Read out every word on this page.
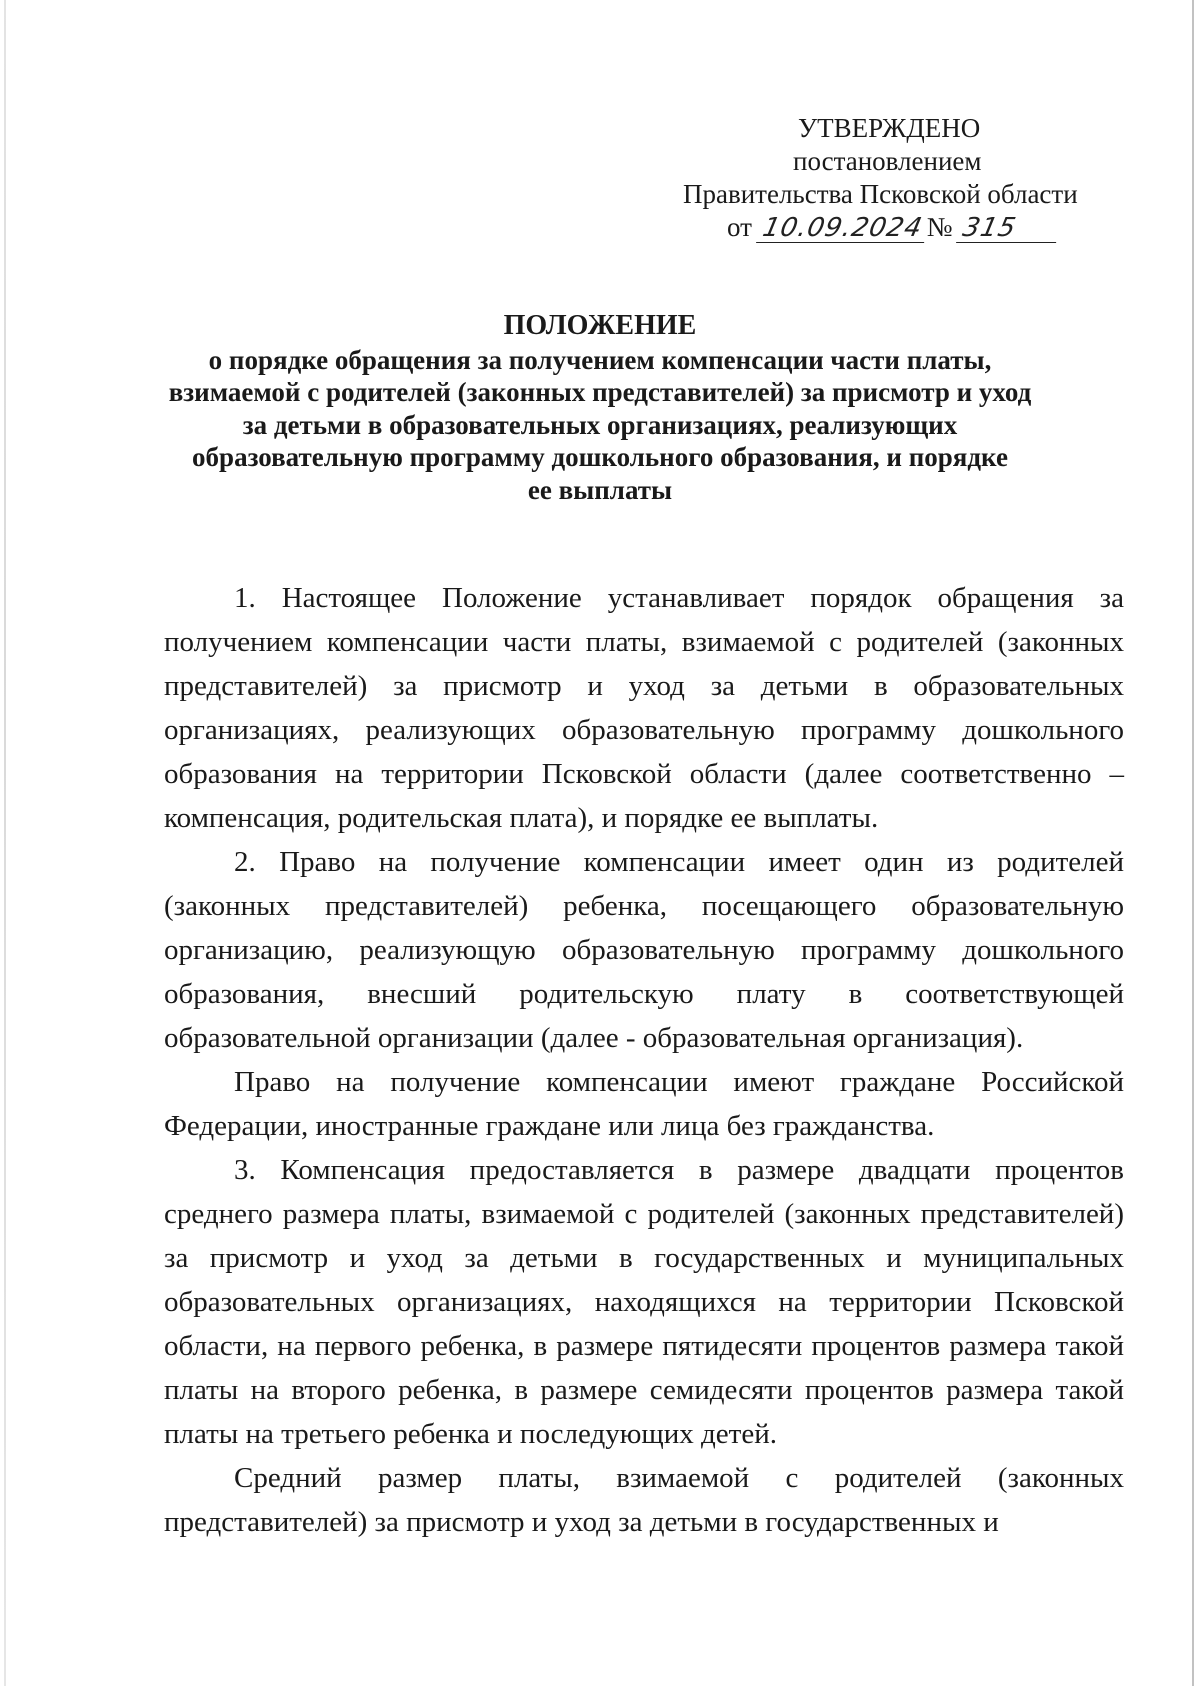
УТВЕРЖДЕНО
постановлением
Правительства Псковской области
от 10.09.2024№ 315
ПОЛОЖЕНИЕ
о порядке обращения за получением компенсации части платы,
взимаемой с родителей (законных представителей) за присмотр и уход
за детьми в образовательных организациях, реализующих
образовательную программу дошкольного образования, и порядке
ее выплаты

1. Настоящее Положение устанавливает порядок обращения за получением компенсации части платы, взимаемой с родителей (законных представителей) за присмотр и уход за детьми в образовательных организациях, реализующих образовательную программу дошкольного образования на территории Псковской области (далее соответственно – компенсация, родительская плата), и порядке ее выплаты.

2. Право на получение компенсации имеет один из родителей (законных представителей) ребенка, посещающего образовательную организацию, реализующую образовательную программу дошкольного образования, внесший родительскую плату в соответствующей образовательной организации (далее - образовательная организация).

Право на получение компенсации имеют граждане Российской Федерации, иностранные граждане или лица без гражданства.

3. Компенсация предоставляется в размере двадцати процентов среднего размера платы, взимаемой с родителей (законных представителей) за присмотр и уход за детьми в государственных и муниципальных образовательных организациях, находящихся на территории Псковской области, на первого ребенка, в размере пятидесяти процентов размера такой платы на второго ребенка, в размере семидесяти процентов размера такой платы на третьего ребенка и последующих детей.

Средний размер платы, взимаемой с родителей (законных представителей) за присмотр и уход за детьми в государственных и
